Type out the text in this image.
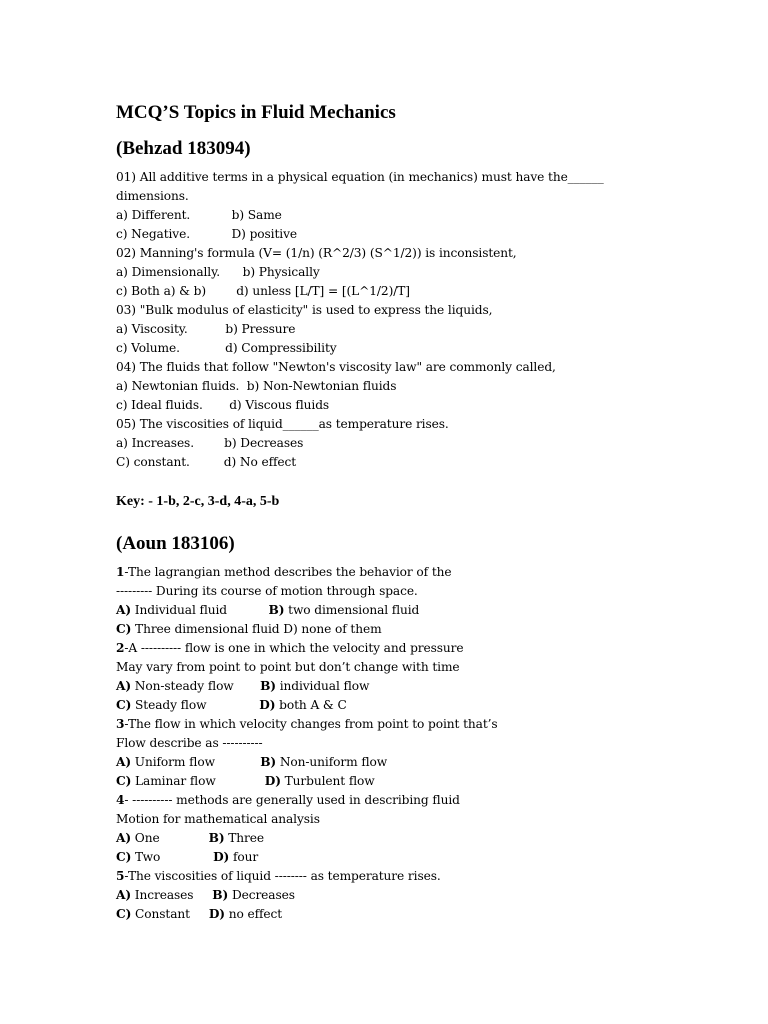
MCQ’S Topics in Fluid Mechanics
(Behzad 183094)
01) All additive terms in a physical equation (in mechanics) must have the______
dimensions.
a) Different.           b) Same
c) Negative.           D) positive
02) Manning's formula (V= (1/n) (R^2/3) (S^1/2)) is inconsistent,
a) Dimensionally.      b) Physically
c) Both a) & b)        d) unless [L/T] = [(L^1/2)/T]
03) "Bulk modulus of elasticity" is used to express the liquids,
a) Viscosity.          b) Pressure
c) Volume.            d) Compressibility
04) The fluids that follow "Newton's viscosity law" are commonly called,
a) Newtonian fluids.  b) Non-Newtonian fluids
c) Ideal fluids.       d) Viscous fluids
05) The viscosities of liquid______as temperature rises.
a) Increases.        b) Decreases
C) constant.         d) No effect
Key: - 1-b, 2-c, 3-d, 4-a, 5-b
(Aoun 183106)
1-The lagrangian method describes the behavior of the
--------- During its course of motion through space.
A) Individual fluid           B) two dimensional fluid
C) Three dimensional fluid D) none of them
2-A ---------- flow is one in which the velocity and pressure
May vary from point to point but don’t change with time
A) Non-steady flow       B) individual flow
C) Steady flow              D) both A & C
3-The flow in which velocity changes from point to point that’s
Flow describe as ----------
A) Uniform flow            B) Non-uniform flow
C) Laminar flow             D) Turbulent flow
4- ---------- methods are generally used in describing fluid
Motion for mathematical analysis
A) One             B) Three
C) Two              D) four
5-The viscosities of liquid -------- as temperature rises.
A) Increases     B) Decreases
C) Constant     D) no effect
